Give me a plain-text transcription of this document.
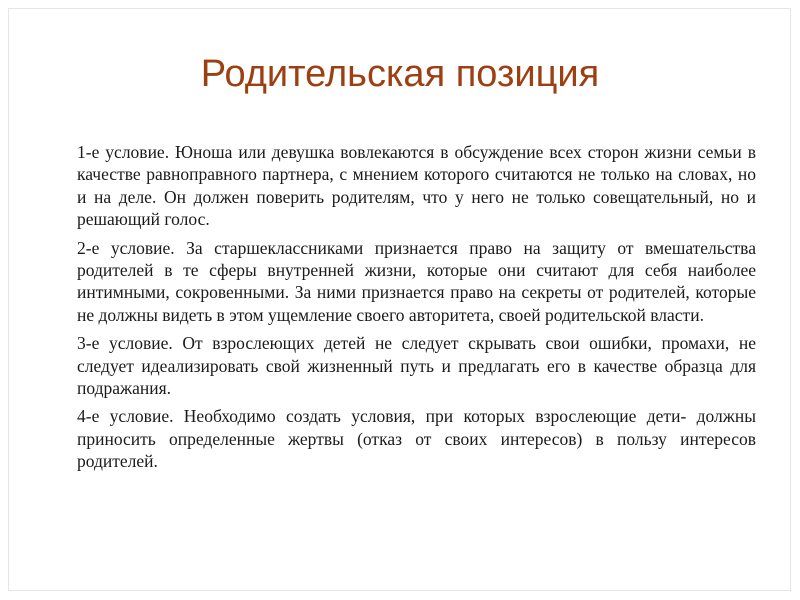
Родительская позиция

1-е условие. Юноша или девушка вовлекаются в обсуждение всех сторон жизни семьи в качестве равноправного партнера, с мнением которого считаются не только на словах, но и на деле. Он должен поверить родителям, что у него не только совещательный, но и решающий голос.

2-е условие. За старшеклассниками признается право на защиту от вмешательства родителей в те сферы внутренней жизни, которые они считают для себя наиболее интимными, сокровенными. За ними признается право на секреты от родителей, которые не должны видеть в этом ущемление своего авторитета, своей родительской власти.

3-е условие. От взрослеющих детей не следует скрывать свои ошибки, промахи, не следует идеализировать свой жизненный путь и предлагать его в качестве образца для подражания.

4-е условие. Необходимо создать условия, при которых взрослеющие дети- должны приносить определенные жертвы (отказ от своих интересов) в пользу интересов родителей.
